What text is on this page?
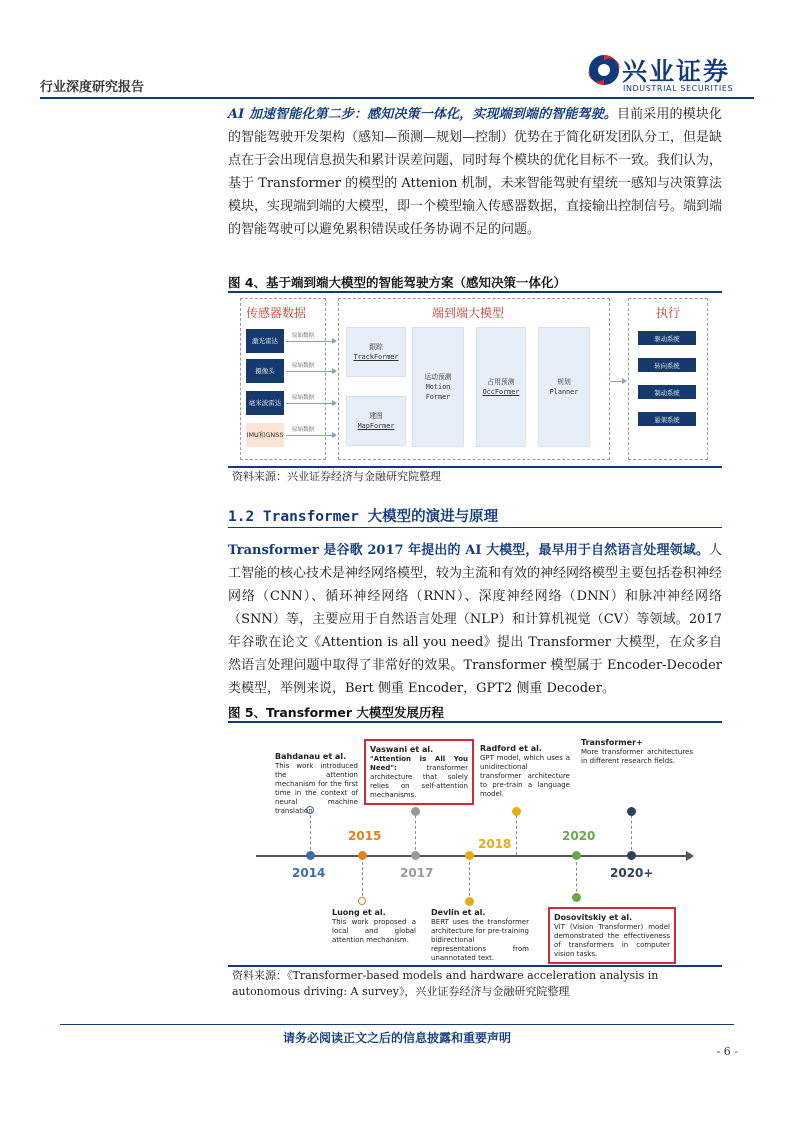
行业深度研究报告
兴业证券
INDUSTRIAL SECURITIES
AI 加速智能化第二步：感知决策一体化，实现端到端的智能驾驶。目前采用的模块化的智能驾驶开发架构（感知—预测—规划—控制）优势在于简化研发团队分工，但是缺点在于会出现信息损失和累计误差问题，同时每个模块的优化目标不一致。我们认为，基于 Transformer 的模型的 Attenion 机制，未来智能驾驶有望统一感知与决策算法模块，实现端到端的大模型，即一个模型输入传感器数据，直接输出控制信号。端到端的智能驾驶可以避免累积错误或任务协调不足的问题。
图 4、基于端到端大模型的智能驾驶方案（感知决策一体化）
传感器数据
激光雷达
摄像头
毫米波雷达
IMU和GNSS
原始数据
原始数据
原始数据
原始数据
端到端大模型
跟踪
TrackFormer
建图
MapFormer
运动预测
Motion
Former
占用预测
OccFormer
规划
Planner
执行
驱动系统
转向系统
制动系统
悬架系统
资料来源：兴业证券经济与金融研究院整理
1.2 Transformer 大模型的演进与原理
Transformer 是谷歌 2017 年提出的 AI 大模型，最早用于自然语言处理领域。人工智能的核心技术是神经网络模型，较为主流和有效的神经网络模型主要包括卷积神经网络（CNN）、循环神经网络（RNN）、深度神经网络（DNN）和脉冲神经网络（SNN）等，主要应用于自然语言处理（NLP）和计算机视觉（CV）等领域。2017 年谷歌在论文《Attention is all you need》提出 Transformer 大模型，在众多自然语言处理问题中取得了非常好的效果。Transformer 模型属于 Encoder-Decoder 类模型，举例来说，Bert 侧重 Encoder，GPT2 侧重 Decoder。
图 5、Transformer 大模型发展历程
2014
2015
2017
2018
2020
2020+
Bahdanau et al.
This work introduced the attention mechanism for the first time in the context of neural machine translation
Vaswani et al.
"Attention is All You Need":	transformer architecture that solely relies on self-attention mechanisms.
Radford et al.
GPT model, which uses a unidirectional transformer architecture to pre-train a language model.
Transformer+
More transformer architectures in different research fields.
Luong et al.
This work proposed a local and global attention mechanism.
Devlin et al.
BERT uses the transformer architecture for pre-training bidirectional representations from unannotated text.
Dosovitskiy et al.
ViT (Vision Transformer) model demonstrated the effectiveness of transformers in computer vision tasks.
资料来源：《Transformer-based models and hardware acceleration analysis in autonomous driving: A survey》，兴业证券经济与金融研究院整理
请务必阅读正文之后的信息披露和重要声明
- 6 -
